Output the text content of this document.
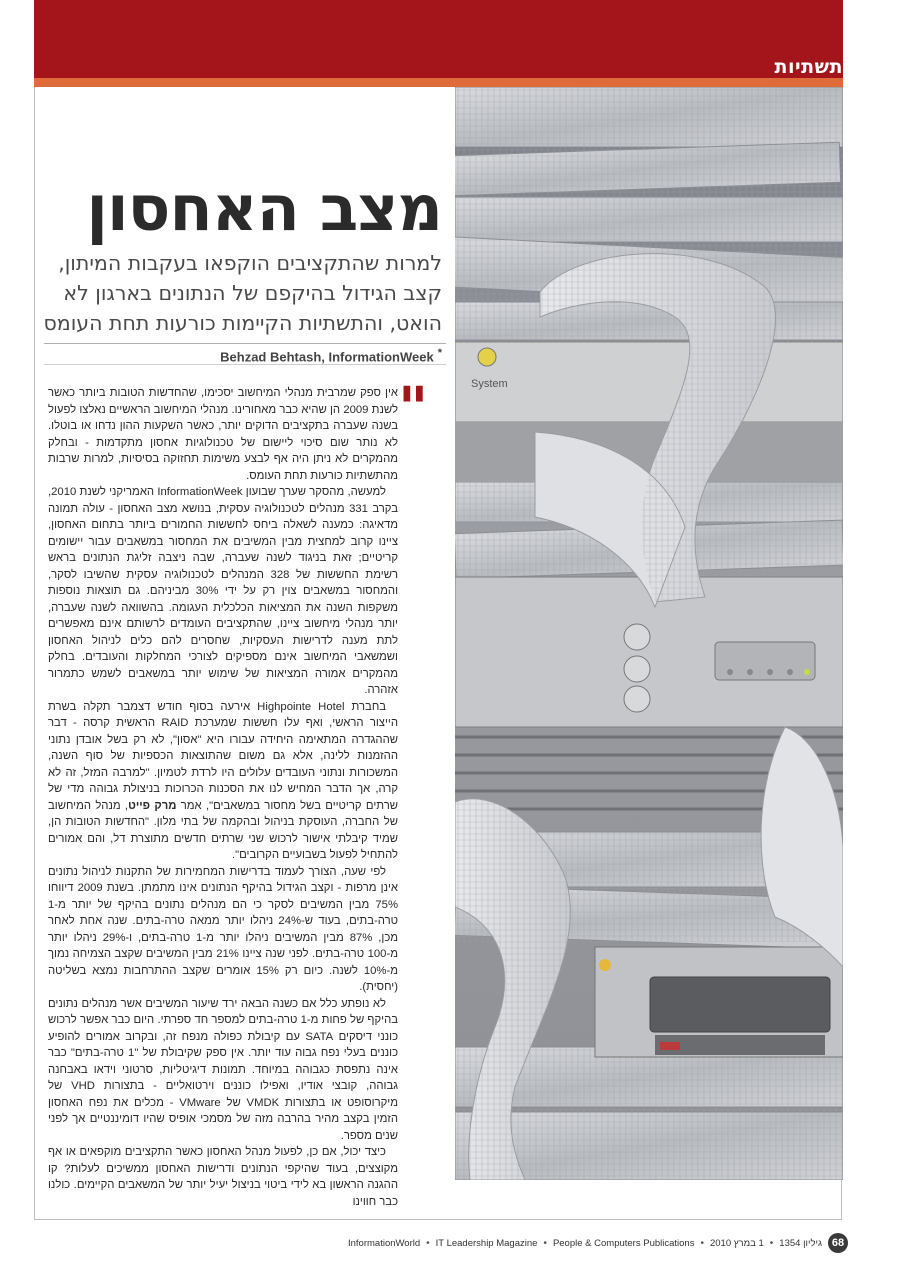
תשתיות
System
מצב האחסון
למרות שהתקציבים הוקפאו בעקבות המיתון, קצב הגידול בהיקפם של הנתונים בארגון לא הואט, והתשתיות הקיימות כורעות תחת העומס
Behzad Behtash, InformationWeek *
"

אין ספק שמרבית מנהלי המיחשוב יסכימו, שהחדשות הטובות ביותר כאשר לשנת 2009 הן שהיא כבר מאחורינו. מנהלי המיחשוב הראשיים נאלצו לפעול בשנה שעברה בתקציבים הדוקים יותר, כאשר השקעות ההון נדחו או בוטלו. לא נותר שום סיכוי ליישום של טכנולוגיות אחסון מתקדמות - ובחלק מהמקרים לא ניתן היה אף לבצע משימות תחזוקה בסיסיות, למרות שרבות מהתשתיות כורעות תחת העומס.

למעשה, מהסקר שערך שבועון InformationWeek האמריקני לשנת 2010, בקרב 331 מנהלים לטכנולוגיה עסקית, בנושא מצב האחסון - עולה תמונה מדאיגה: כמענה לשאלה ביחס לחששות החמורים ביותר בתחום האחסון, ציינו קרוב למחצית מבין המשיבים את המחסור במשאבים עבור יישומים קריטיים; זאת בניגוד לשנה שעברה, שבה ניצבה זליגת הנתונים בראש רשימת החששות של 328 המנהלים לטכנולוגיה עסקית שהשיבו לסקר, והמחסור במשאבים צוין רק על ידי 30% מביניהם. גם תוצאות נוספות משקפות השנה את המציאות הכלכלית העגומה. בהשוואה לשנה שעברה, יותר מנהלי מיחשוב ציינו, שהתקציבים העומדים לרשותם אינם מאפשרים לתת מענה לדרישות העסקיות, שחסרים להם כלים לניהול האחסון ושמשאבי המיחשוב אינם מספיקים לצורכי המחלקות והעובדים. בחלק מהמקרים אמורה המציאות של שימוש יותר במשאבים לשמש כתמרור אזהרה.

בחברת Highpointe Hotel אירעה בסוף חודש דצמבר תקלה בשרת הייצור הראשי, ואף עלו חששות שמערכת RAID הראשית קרסה - דבר שההגדרה המתאימה היחידה עבורו היא "אסון", לא רק בשל אובדן נתוני ההזמנות ללינה, אלא גם משום שהתוצאות הכספיות של סוף השנה, המשכורות ונתוני העובדים עלולים היו לרדת לטמיון. "למרבה המזל, זה לא קרה, אך הדבר המחיש לנו את הסכנות הכרוכות בניצולת גבוהה מדי של שרתים קריטיים בשל מחסור במשאבים", אמר מרק פייט, מנהל המיחשוב של החברה, העוסקת בניהול ובהקמה של בתי מלון. "החדשות הטובות הן, שמיד קיבלתי אישור לרכוש שני שרתים חדשים מתוצרת דל, והם אמורים להתחיל לפעול בשבועיים הקרובים".

לפי שעה, הצורך לעמוד בדרישות המחמירות של התקנות לניהול נתונים אינן מרפות - וקצב הגידול בהיקף הנתונים אינו מתמתן. בשנת 2009 דיווחו 75% מבין המשיבים לסקר כי הם מנהלים נתונים בהיקף של יותר מ-1 טרה-בתים, בעוד ש-24% ניהלו יותר ממאה טרה-בתים. שנה אחת לאחר מכן, 87% מבין המשיבים ניהלו יותר מ-1 טרה-בתים, ו-29% ניהלו יותר מ-100 טרה-בתים. לפני שנה ציינו 21% מבין המשיבים שקצב הצמיחה נמוך מ-10% לשנה. כיום רק 15% אומרים שקצב ההתרחבות נמצא בשליטה (יחסית).

לא נופתע כלל אם כשנה הבאה ירד שיעור המשיבים אשר מנהלים נתונים בהיקף של פחות מ-1 טרה-בתים למספר חד ספרתי. היום כבר אפשר לרכוש כונני דיסקים SATA עם קיבולת כפולה מנפח זה, ובקרוב אמורים להופיע כוננים בעלי נפח גבוה עוד יותר. אין ספק שקיבולת של "1 טרה-בתים" כבר אינה נתפסת כגבוהה במיוחד. תמונות דיגיטליות, סרטוני וידאו באבחנה גבוהה, קובצי אודיו, ואפילו כוננים וירטואליים - בתצורות VHD של מיקרוסופט או בתצורות VMDK של VMware - מכלים את נפח האחסון הזמין בקצב מהיר בהרבה מזה של מסמכי אופיס שהיו דומיננטיים אך לפני שנים מספר.

כיצד יכול, אם כן, לפעול מנהל האחסון כאשר התקציבים מוקפאים או אף מקוצצים, בעוד שהיקפי הנתונים ודרישות האחסון ממשיכים לעלות? קו ההגנה הראשון בא לידי ביטוי בניצול יעיל יותר של המשאבים הקיימים. כולנו כבר חווינו

68
גיליון 1354
•
1 במרץ 2010
•
People & Computers Publications
•
IT Leadership Magazine
•
InformationWorld
